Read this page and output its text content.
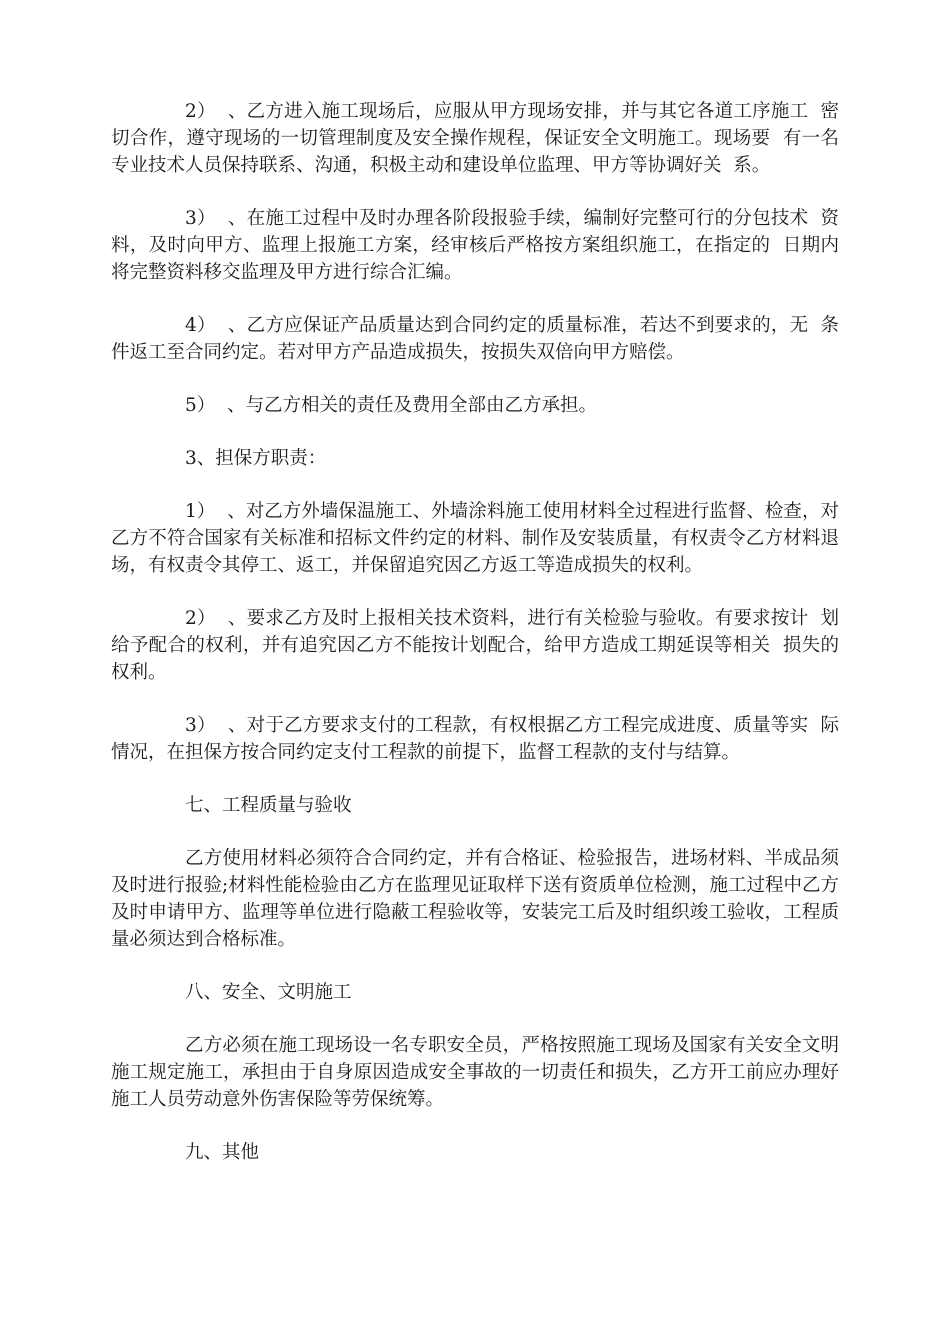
2）  、乙方进入施工现场后，应服从甲方现场安排，并与其它各道工序施工  密切合作，遵守现场的一切管理制度及安全操作规程，保证安全文明施工。现场要  有一名专业技术人员保持联系、沟通，积极主动和建设单位监理、甲方等协调好关  系。

3）  、在施工过程中及时办理各阶段报验手续，编制好完整可行的分包技术  资料，及时向甲方、监理上报施工方案，经审核后严格按方案组织施工，在指定的  日期内将完整资料移交监理及甲方进行综合汇编。

4）  、乙方应保证产品质量达到合同约定的质量标准，若达不到要求的，无  条件返工至合同约定。若对甲方产品造成损失，按损失双倍向甲方赔偿。

5）  、与乙方相关的责任及费用全部由乙方承担。

3、担保方职责：

1）  、对乙方外墙保温施工、外墙涂料施工使用材料全过程进行监督、检查，对乙方不符合国家有关标准和招标文件约定的材料、制作及安装质量，有权责令乙方材料退场，有权责令其停工、返工，并保留追究因乙方返工等造成损失的权利。

2）  、要求乙方及时上报相关技术资料，进行有关检验与验收。有要求按计  划给予配合的权利，并有追究因乙方不能按计划配合，给甲方造成工期延误等相关  损失的权利。

3）  、对于乙方要求支付的工程款，有权根据乙方工程完成进度、质量等实  际情况，在担保方按合同约定支付工程款的前提下，监督工程款的支付与结算。

七、工程质量与验收

乙方使用材料必须符合合同约定，并有合格证、检验报告，进场材料、半成品须及时进行报验;材料性能检验由乙方在监理见证取样下送有资质单位检测，施工过程中乙方及时申请甲方、监理等单位进行隐蔽工程验收等，安装完工后及时组织竣工验收，工程质量必须达到合格标准。

八、安全、文明施工

乙方必须在施工现场设一名专职安全员，严格按照施工现场及国家有关安全文明施工规定施工，承担由于自身原因造成安全事故的一切责任和损失，乙方开工前应办理好施工人员劳动意外伤害保险等劳保统筹。

九、其他
